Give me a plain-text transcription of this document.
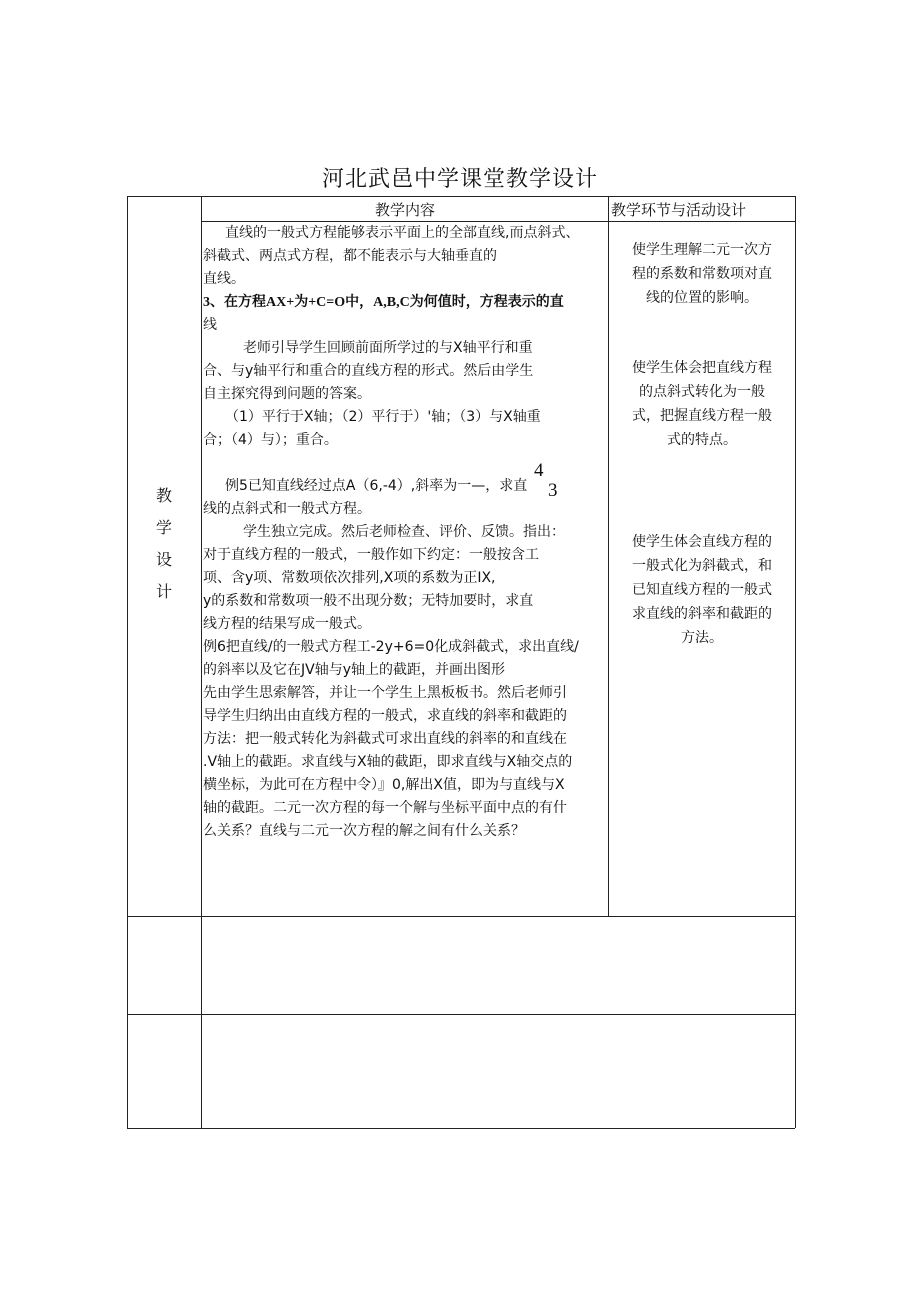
河北武邑中学课堂教学设计
教学内容	教学环节与活动设计
教
学
设
计
直线的一般式方程能够表示平面上的全部直线,而点斜式、
斜截式、两点式方程，都不能表示与大轴垂直的
直线。
3、在方程AX+为+C=O中，A,B,C为何值时，方程表示的直
线
老师引导学生回顾前面所学过的与X轴平行和重
合、与y轴平行和重合的直线方程的形式。然后由学生
自主探究得到问题的答案。
（1）平行于X轴；（2）平行于）'轴；（3）与X轴重
合；（4）与）；重合。

例5已知直线经过点A（6,-4）,斜率为一—，求直
线的点斜式和一般式方程。
学生独立完成。然后老师检查、评价、反馈。指出：
对于直线方程的一般式，一般作如下约定：一般按含工
项、含y项、常数项依次排列,X项的系数为正IX,
y的系数和常数项一般不出现分数；无特加要时，求直
线方程的结果写成一般式。
例6把直线/的一般式方程工-2y+6=0化成斜截式，求出直线/
的斜率以及它在JV轴与y轴上的截距，并画出图形
先由学生思索解答，并让一个学生上黑板板书。然后老师引
导学生归纳出由直线方程的一般式，求直线的斜率和截距的
方法：把一般式转化为斜截式可求出直线的斜率的和直线在
.V轴上的截距。求直线与X轴的截距，即求直线与X轴交点的
横坐标，为此可在方程中令）』0,解出X值，即为与直线与X
轴的截距。二元一次方程的每一个解与坐标平面中点的有什
么关系？直线与二元一次方程的解之间有什么关系？
4
3
使学生理解二元一次方
程的系数和常数项对直
线的位置的影响。
使学生体会把直线方程
的点斜式转化为一般
式，把握直线方程一般
式的特点。
使学生体会直线方程的
一般式化为斜截式，和
已知直线方程的一般式
求直线的斜率和截距的
方法。
